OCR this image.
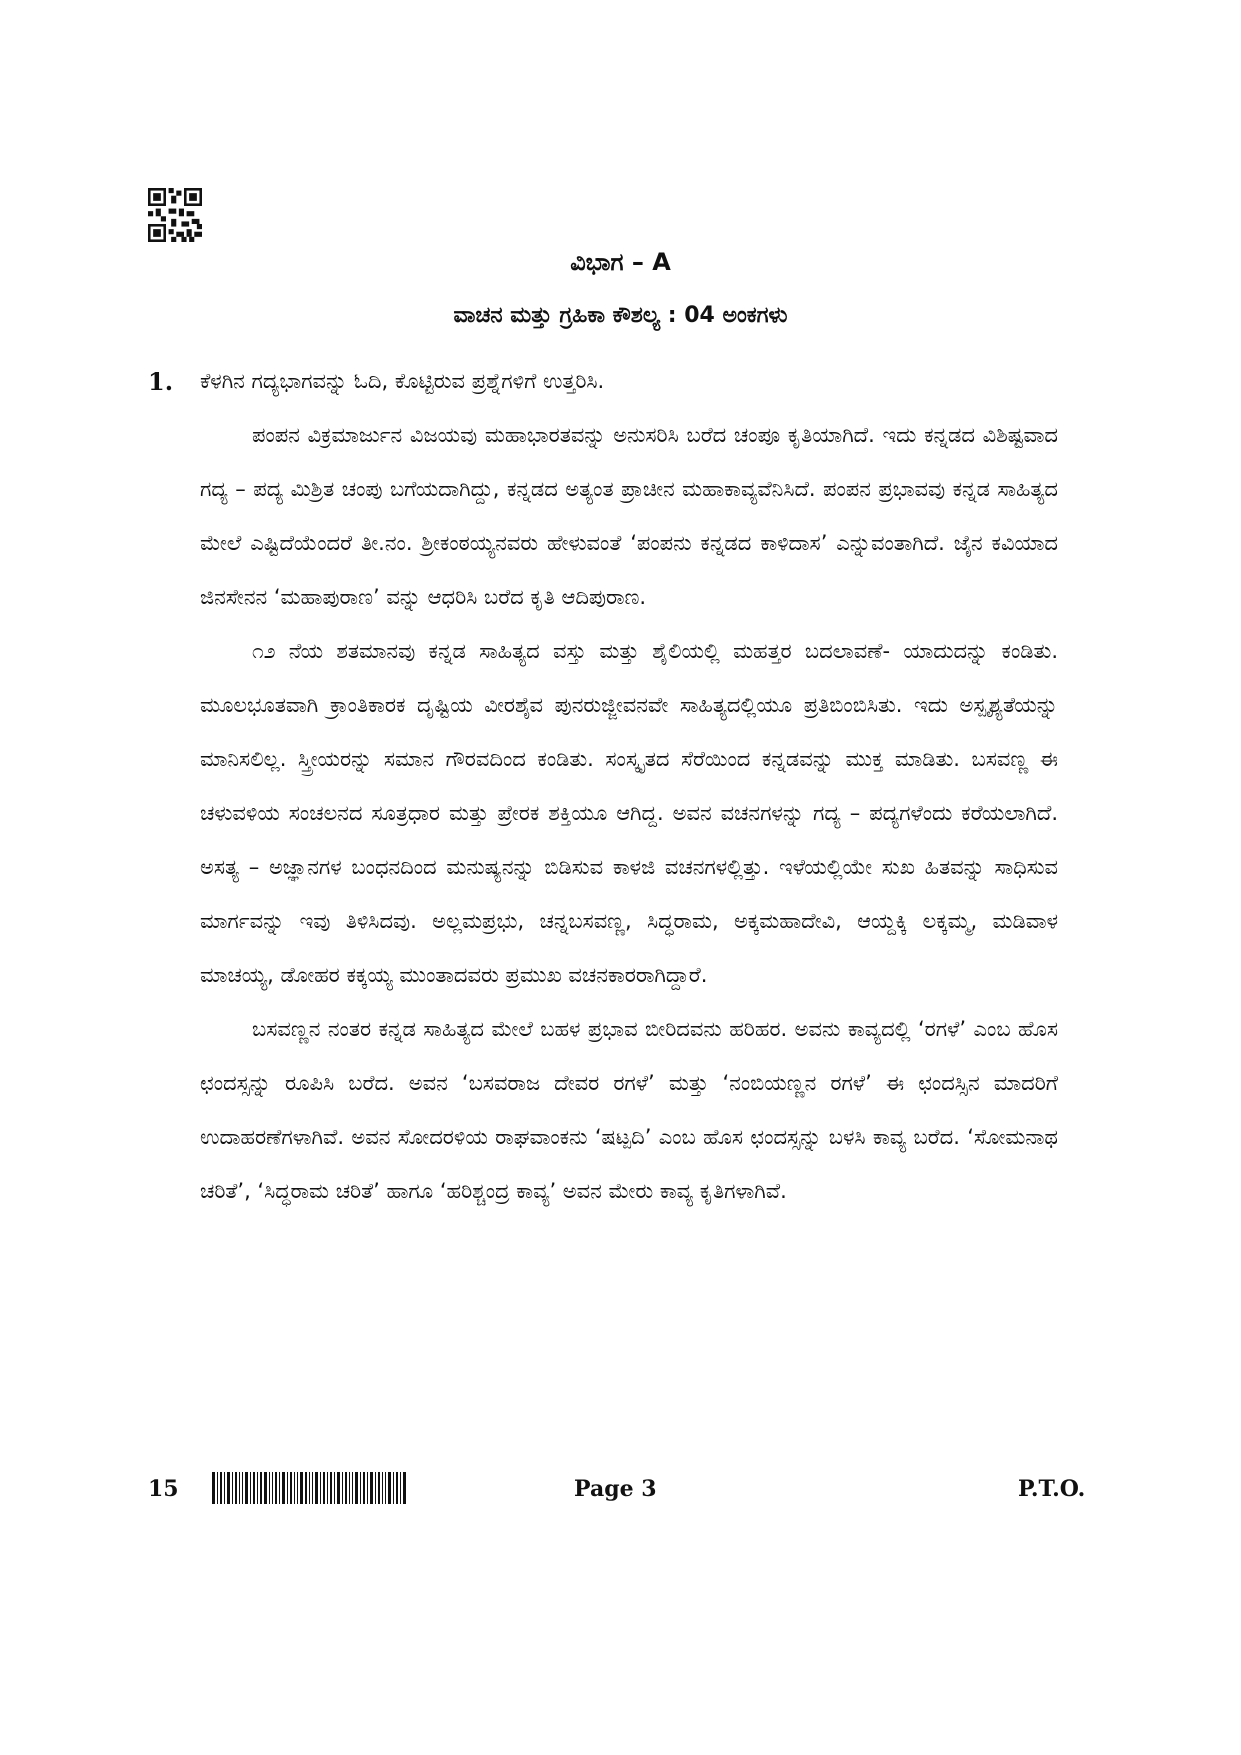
ವಿಭಾಗ – A
ವಾಚನ ಮತ್ತು ಗ್ರಹಿಕಾ ಕೌಶಲ್ಯ : 04 ಅಂಕಗಳು
1. ಕೆಳಗಿನ ಗದ್ಯಭಾಗವನ್ನು ಓದಿ, ಕೊಟ್ಟಿರುವ ಪ್ರಶ್ನೆಗಳಿಗೆ ಉತ್ತರಿಸಿ.

ಪಂಪನ ವಿಕ್ರಮಾರ್ಜುನ ವಿಜಯವು ಮಹಾಭಾರತವನ್ನು ಅನುಸರಿಸಿ ಬರೆದ ಚಂಪೂ ಕೃತಿಯಾಗಿದೆ. ಇದು ಕನ್ನಡದ ವಿಶಿಷ್ಟವಾದ ಗದ್ಯ – ಪದ್ಯ ಮಿಶ್ರಿತ ಚಂಪು ಬಗೆಯದಾಗಿದ್ದು, ಕನ್ನಡದ ಅತ್ಯಂತ ಪ್ರಾಚೀನ ಮಹಾಕಾವ್ಯವೆನಿಸಿದೆ. ಪಂಪನ ಪ್ರಭಾವವು ಕನ್ನಡ ಸಾಹಿತ್ಯದ ಮೇಲೆ ಎಷ್ಟಿದೆಯೆಂದರೆ ತೀ.ನಂ. ಶ್ರೀಕಂಠಯ್ಯನವರು ಹೇಳುವಂತೆ ‘ಪಂಪನು ಕನ್ನಡದ ಕಾಳಿದಾಸ’ ಎನ್ನುವಂತಾಗಿದೆ. ಜೈನ ಕವಿಯಾದ ಜಿನಸೇನನ ‘ಮಹಾಪುರಾಣ’ ವನ್ನು ಆಧರಿಸಿ ಬರೆದ ಕೃತಿ ಆದಿಪುರಾಣ.

೧೨ ನೆಯ ಶತಮಾನವು ಕನ್ನಡ ಸಾಹಿತ್ಯದ ವಸ್ತು ಮತ್ತು ಶೈಲಿಯಲ್ಲಿ ಮಹತ್ತರ ಬದಲಾವಣೆ- ಯಾದುದನ್ನು ಕಂಡಿತು. ಮೂಲಭೂತವಾಗಿ ಕ್ರಾಂತಿಕಾರಕ ದೃಷ್ಟಿಯ ವೀರಶೈವ ಪುನರುಜ್ಜೀವನವೇ ಸಾಹಿತ್ಯದಲ್ಲಿಯೂ ಪ್ರತಿಬಿಂಬಿಸಿತು. ಇದು ಅಸ್ಪೃಶ್ಯತೆಯನ್ನು ಮಾನಿಸಲಿಲ್ಲ. ಸ್ತ್ರೀಯರನ್ನು ಸಮಾನ ಗೌರವದಿಂದ ಕಂಡಿತು. ಸಂಸ್ಕೃತದ ಸೆರೆಯಿಂದ ಕನ್ನಡವನ್ನು ಮುಕ್ತ ಮಾಡಿತು. ಬಸವಣ್ಣ ಈ ಚಳುವಳಿಯ ಸಂಚಲನದ ಸೂತ್ರಧಾರ ಮತ್ತು ಪ್ರೇರಕ ಶಕ್ತಿಯೂ ಆಗಿದ್ದ. ಅವನ ವಚನಗಳನ್ನು ಗದ್ಯ – ಪದ್ಯಗಳೆಂದು ಕರೆಯಲಾಗಿದೆ. ಅಸತ್ಯ – ಅಜ್ಞಾನಗಳ ಬಂಧನದಿಂದ ಮನುಷ್ಯನನ್ನು ಬಿಡಿಸುವ ಕಾಳಜಿ ವಚನಗಳಲ್ಲಿತ್ತು. ಇಳೆಯಲ್ಲಿಯೇ ಸುಖ ಹಿತವನ್ನು ಸಾಧಿಸುವ ಮಾರ್ಗವನ್ನು ಇವು ತಿಳಿಸಿದವು. ಅಲ್ಲಮಪ್ರಭು, ಚನ್ನಬಸವಣ್ಣ, ಸಿದ್ಧರಾಮ, ಅಕ್ಕಮಹಾದೇವಿ, ಆಯ್ದಕ್ಕಿ ಲಕ್ಕಮ್ಮ, ಮಡಿವಾಳ ಮಾಚಯ್ಯ, ಡೋಹರ ಕಕ್ಕಯ್ಯ ಮುಂತಾದವರು ಪ್ರಮುಖ ವಚನಕಾರರಾಗಿದ್ದಾರೆ.

ಬಸವಣ್ಣನ ನಂತರ ಕನ್ನಡ ಸಾಹಿತ್ಯದ ಮೇಲೆ ಬಹಳ ಪ್ರಭಾವ ಬೀರಿದವನು ಹರಿಹರ. ಅವನು ಕಾವ್ಯದಲ್ಲಿ ‘ರಗಳೆ’ ಎಂಬ ಹೊಸ ಛಂದಸ್ಸನ್ನು ರೂಪಿಸಿ ಬರೆದ. ಅವನ ‘ಬಸವರಾಜ ದೇವರ ರಗಳೆ’ ಮತ್ತು ‘ನಂಬಿಯಣ್ಣನ ರಗಳೆ’ ಈ ಛಂದಸ್ಸಿನ ಮಾದರಿಗೆ ಉದಾಹರಣೆಗಳಾಗಿವೆ. ಅವನ ಸೋದರಳಿಯ ರಾಘವಾಂಕನು ‘ಷಟ್ಪದಿ’ ಎಂಬ ಹೊಸ ಛಂದಸ್ಸನ್ನು ಬಳಸಿ ಕಾವ್ಯ ಬರೆದ. ‘ಸೋಮನಾಥ ಚರಿತೆ’, ‘ಸಿದ್ಧರಾಮ ಚರಿತೆ’ ಹಾಗೂ ‘ಹರಿಶ್ಚಂದ್ರ ಕಾವ್ಯ’ ಅವನ ಮೇರು ಕಾವ್ಯ ಕೃತಿಗಳಾಗಿವೆ.

15	Page 3	P.T.O.
